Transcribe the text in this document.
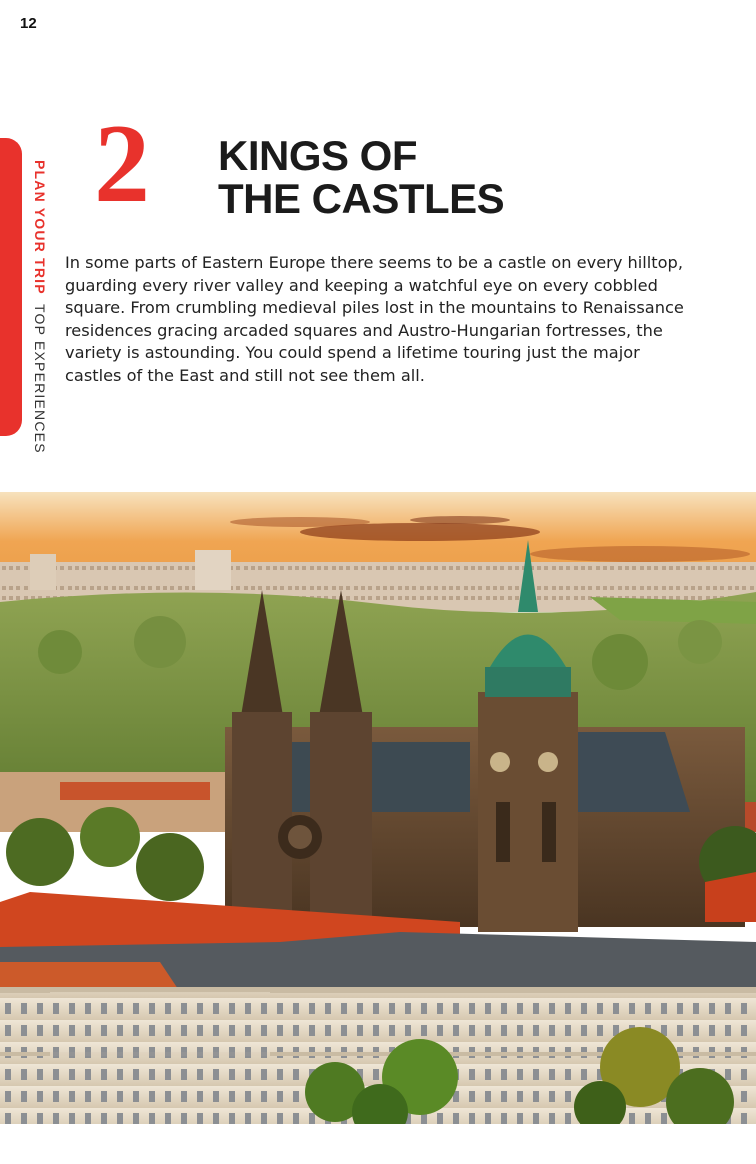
12
PLAN YOUR TRIP TOP EXPERIENCES
2 KINGS OF
THE CASTLES

In some parts of Eastern Europe there seems to be a castle on every hilltop, guarding every river valley and keeping a watchful eye on every cobbled square. From crumbling medieval piles lost in the mountains to Renaissance residences gracing arcaded squares and Austro-Hungarian fortresses, the variety is astounding. You could spend a lifetime touring just the major castles of the East and still not see them all.
